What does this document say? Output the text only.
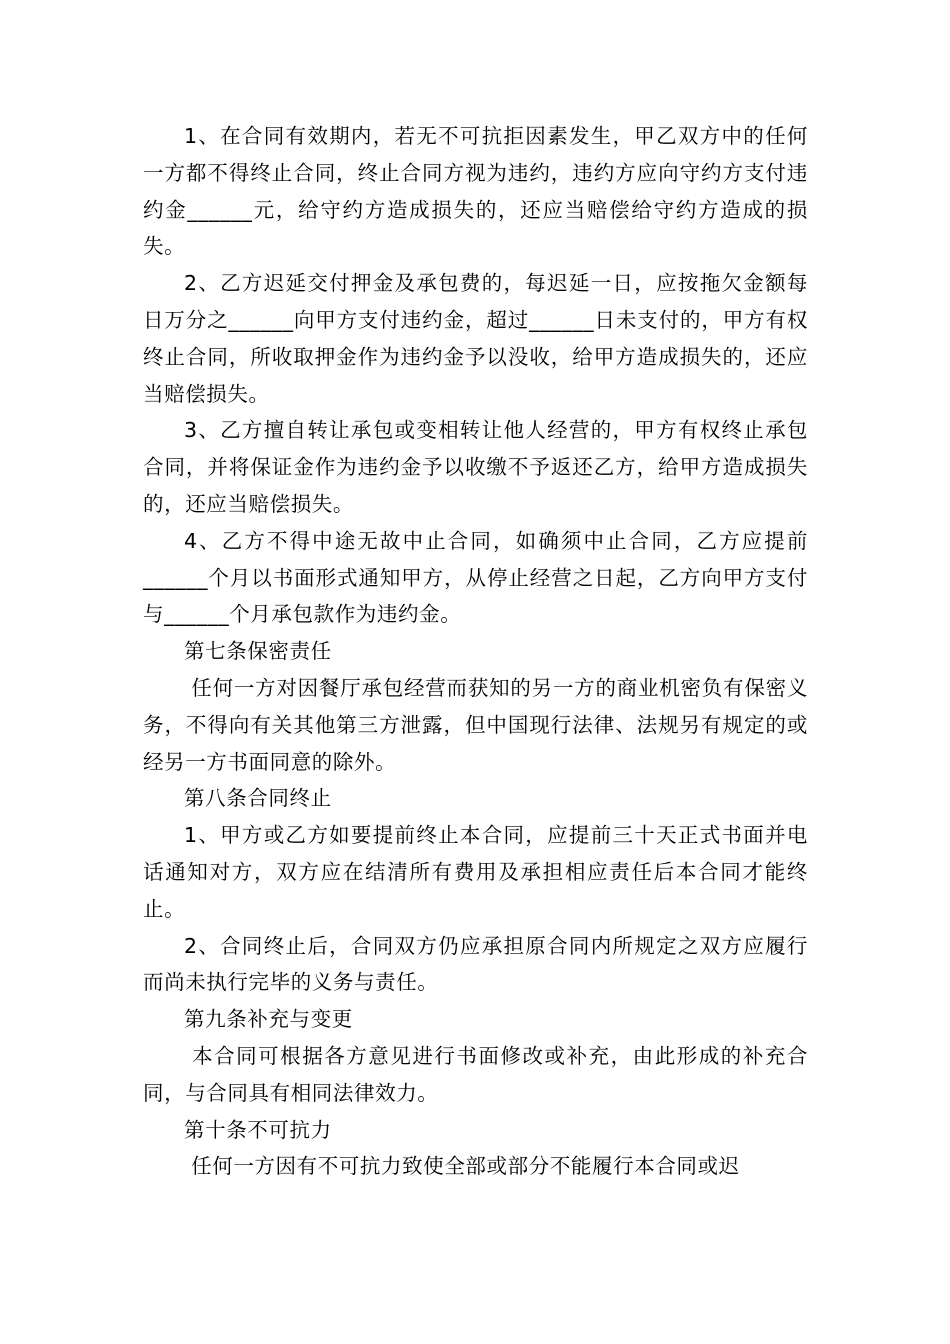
1、在合同有效期内，若无不可抗拒因素发生，甲乙双方中的任何一方都不得终止合同，终止合同方视为违约，违约方应向守约方支付违约金______元，给守约方造成损失的，还应当赔偿给守约方造成的损失。

2、乙方迟延交付押金及承包费的，每迟延一日，应按拖欠金额每日万分之______向甲方支付违约金，超过______日未支付的，甲方有权终止合同，所收取押金作为违约金予以没收，给甲方造成损失的，还应当赔偿损失。

3、乙方擅自转让承包或变相转让他人经营的，甲方有权终止承包合同，并将保证金作为违约金予以收缴不予返还乙方，给甲方造成损失的，还应当赔偿损失。

4、乙方不得中途无故中止合同，如确须中止合同，乙方应提前______个月以书面形式通知甲方，从停止经营之日起，乙方向甲方支付与______个月承包款作为违约金。

第七条保密责任

任何一方对因餐厅承包经营而获知的另一方的商业机密负有保密义务，不得向有关其他第三方泄露，但中国现行法律、法规另有规定的或经另一方书面同意的除外。

第八条合同终止

1、甲方或乙方如要提前终止本合同，应提前三十天正式书面并电话通知对方，双方应在结清所有费用及承担相应责任后本合同才能终止。

2、合同终止后，合同双方仍应承担原合同内所规定之双方应履行而尚未执行完毕的义务与责任。

第九条补充与变更

本合同可根据各方意见进行书面修改或补充，由此形成的补充合同，与合同具有相同法律效力。

第十条不可抗力

任何一方因有不可抗力致使全部或部分不能履行本合同或迟
